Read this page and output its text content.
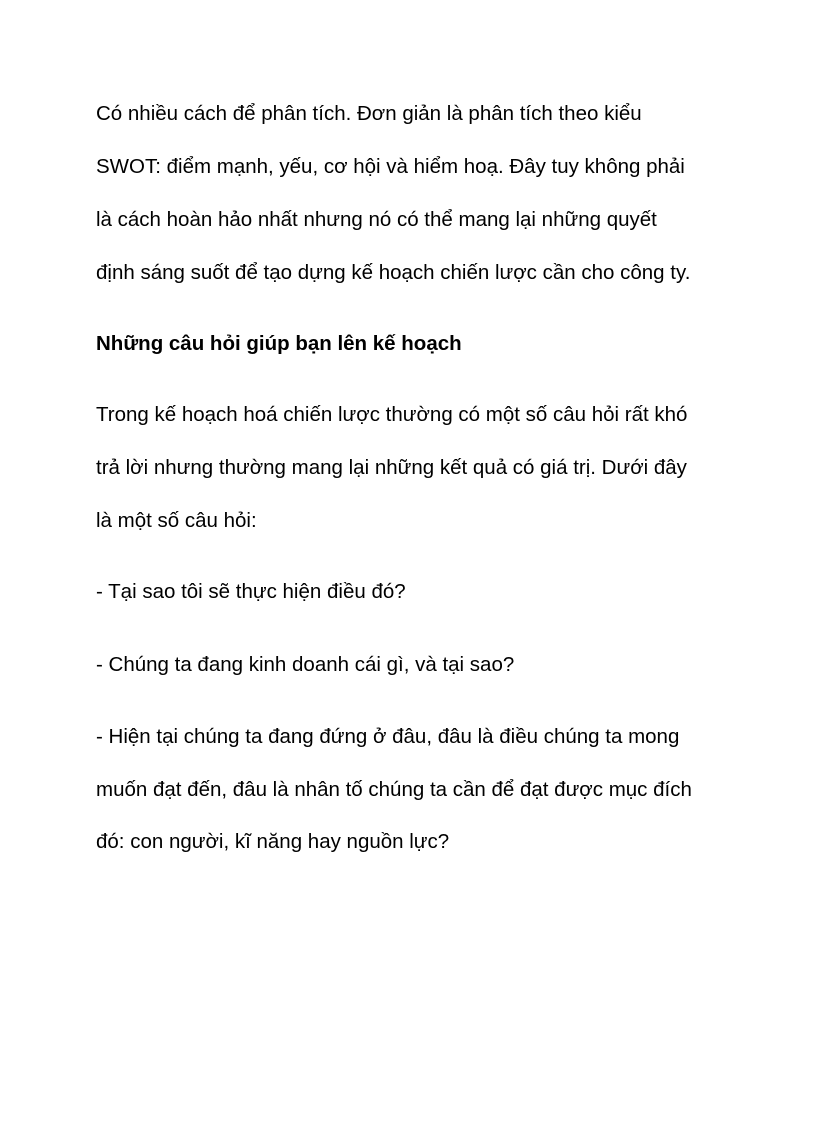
Có nhiều cách để phân tích. Đơn giản là phân tích theo kiểu

SWOT: điểm mạnh, yếu, cơ hội và hiểm hoạ. Đây tuy không phải

là cách hoàn hảo nhất nhưng nó có thể mang lại những quyết

định sáng suốt để tạo dựng kế hoạch chiến lược cần cho công ty.

Những câu hỏi giúp bạn lên kế hoạch

Trong kế hoạch hoá chiến lược thường có một số câu hỏi rất khó

trả lời nhưng thường mang lại những kết quả có giá trị. Dưới đây

là một số câu hỏi:

- Tại sao tôi sẽ thực hiện điều đó?

- Chúng ta đang kinh doanh cái gì, và tại sao?

- Hiện tại chúng ta đang đứng ở đâu, đâu là điều chúng ta mong

muốn đạt đến, đâu là nhân tố chúng ta cần để đạt được mục đích

đó: con người, kĩ năng hay nguồn lực?
